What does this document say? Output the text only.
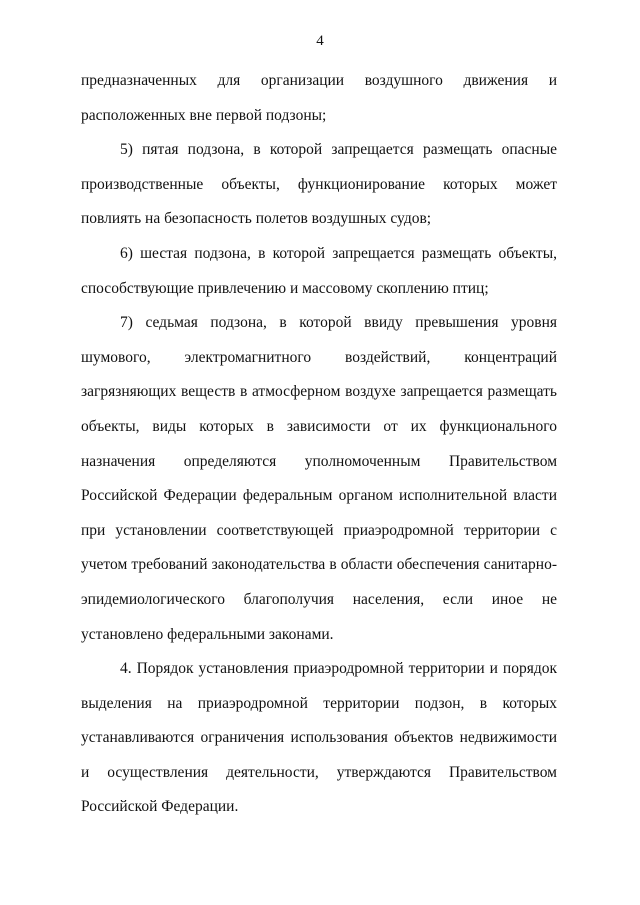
4

предназначенных для организации воздушного движения и расположенных вне первой подзоны;

5) пятая подзона, в которой запрещается размещать опасные производственные объекты, функционирование которых может повлиять на безопасность полетов воздушных судов;

6) шестая подзона, в которой запрещается размещать объекты, способствующие привлечению и массовому скоплению птиц;

7) седьмая подзона, в которой ввиду превышения уровня шумового, электромагнитного воздействий, концентраций загрязняющих веществ в атмосферном воздухе запрещается размещать объекты, виды которых в зависимости от их функционального назначения определяются уполномоченным Правительством Российской Федерации федеральным органом исполнительной власти при установлении соответствующей приаэродромной территории с учетом требований законодательства в области обеспечения санитарно-эпидемиологического благополучия населения, если иное не установлено федеральными законами.

4. Порядок установления приаэродромной территории и порядок выделения на приаэродромной территории подзон, в которых устанавливаются ограничения использования объектов недвижимости и осуществления деятельности, утверждаются Правительством Российской Федерации.
